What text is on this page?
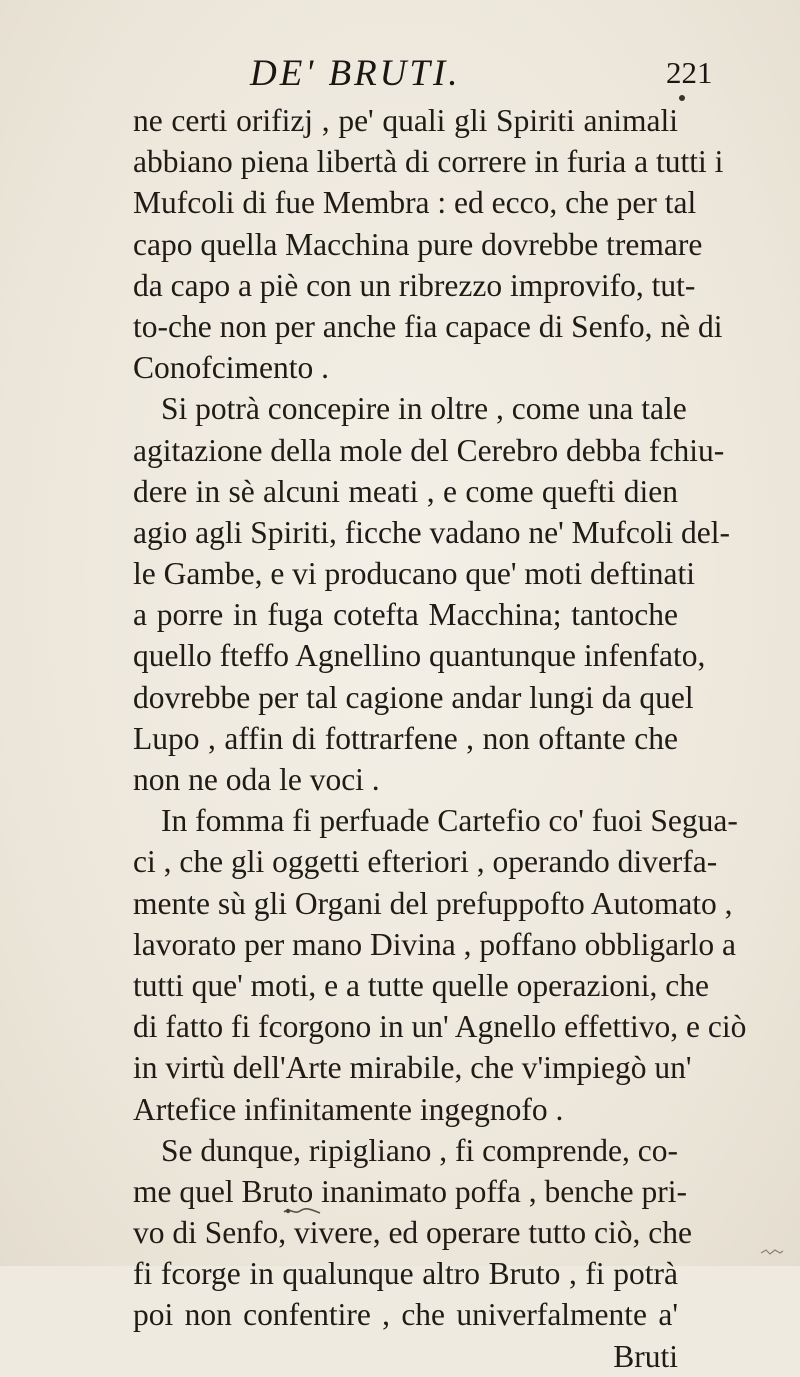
DE' BRUTI.	221
ne certi orifizj , pe' quali gli Spiriti animali
abbiano piena libertà di correre in furia a tutti i
Mufcoli di fue Membra : ed ecco, che per tal
capo quella Macchina pure dovrebbe tremare
da capo a piè con un ribrezzo improvifo, tut-
to-che non per anche fia capace di Senfo, nè di
Conofcimento .
Si potrà concepire in oltre , come una tale
agitazione della mole del Cerebro debba fchiu-
dere in sè alcuni meati , e come quefti dien
agio agli Spiriti, ficche vadano ne' Mufcoli del-
le Gambe, e vi producano que' moti deftinati
a porre in fuga cotefta Macchina; tantoche
quello fteffo Agnellino quantunque infenfato,
dovrebbe per tal cagione andar lungi da quel
Lupo , affin di fottrarfene , non oftante che
non ne oda le voci .
In fomma fi perfuade Cartefio co' fuoi Segua-
ci , che gli oggetti efteriori , operando diverfa-
mente sù gli Organi del prefuppofto Automato ,
lavorato per mano Divina , poffano obbligarlo a
tutti que' moti, e a tutte quelle operazioni, che
di fatto fi fcorgono in un' Agnello effettivo, e ciò
in virtù dell'Arte mirabile, che v'impiegò un'
Artefice infinitamente ingegnofo .
Se dunque, ripigliano , fi comprende, co-
me quel Bruto inanimato poffa , benche pri-
vo di Senfo, vivere, ed operare tutto ciò, che
fi fcorge in qualunque altro Bruto , fi potrà
poi non confentire , che univerfalmente a'
Bruti
